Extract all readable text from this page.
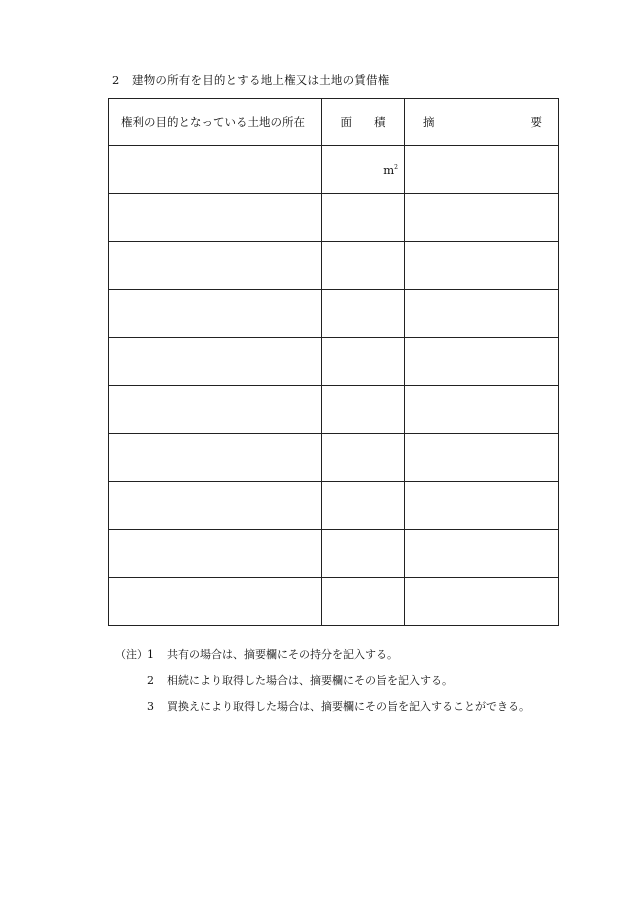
2 建物の所有を目的とする地上権又は土地の賃借権
権利の目的となっている土地の所在	面 積	摘 要

	$m^2$	

（注）1 共有の場合は、摘要欄にその持分を記入する。
2 相続により取得した場合は、摘要欄にその旨を記入する。
3 買換えにより取得した場合は、摘要欄にその旨を記入することができる。
